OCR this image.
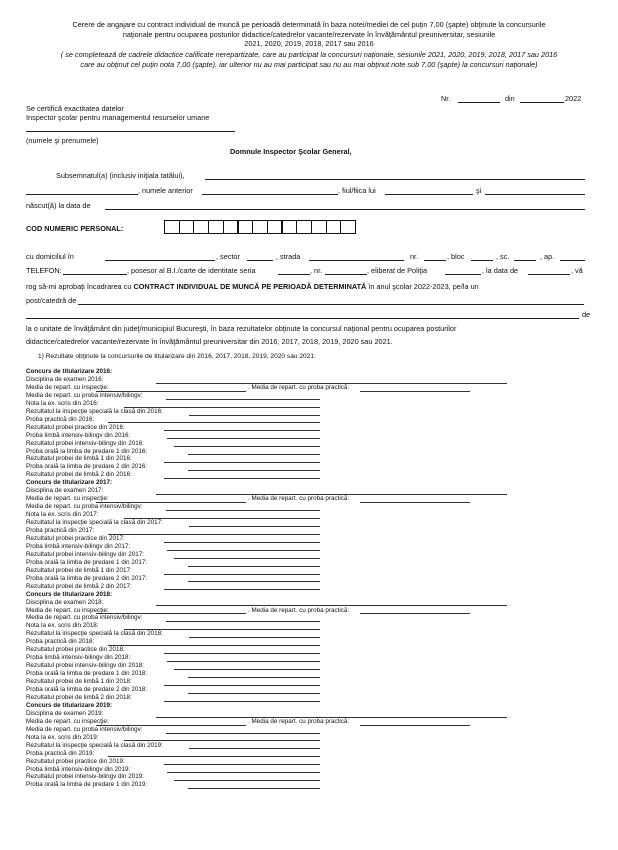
Cerere de angajare cu contract individual de muncă pe perioadă determinată în baza notei/mediei de cel puţin 7,00 (şapte) obţinute la concursurile
naţionale pentru ocuparea posturilor didactice/catedrelor vacante/rezervate în învăţământul preuniversitar, sesiunile
2021, 2020, 2019, 2018, 2017 sau 2016
( se completează de cadrele didactice calificate nerepartizate, care au participat la concursuri naţionale, sesiunile 2021, 2020, 2019, 2018, 2017 sau 2016
care au obţinut cel puţin nota 7,00 (şapte), iar ulterior nu au mai participat sau nu au mai obţinut note sub 7,00 (şapte) la concursuri naţionale)
Nr.	din	2022
Se certifică exactitatea datelor
Inspector şcolar pentru managementul resurselor umane
(numele şi prenumele)
Domnule Inspector Şcolar General,
Subsemnatul(a) (inclusiv iniţiala tatălui),
, numele anterior	, fiul/fiica lui	şi
născut(ă) la data de
COD NUMERIC PERSONAL:
cu domiciliul în	, sector	, strada	nr.	, bloc	, sc.	, ap.
TELEFON:	, posesor al B.I./carte de identitate seria	, nr.	, eliberat de Poliţia	, la data de	, vă
rog să-mi aprobaţi încadrarea cu CONTRACT INDIVIDUAL DE MUNCĂ PE PERIOADĂ DETERMINATĂ în anul şcolar 2022-2023, pe/la un
post/catedră de
de
la o unitate de învăţământ din judeţ/municipiul Bucureşti, în baza rezultatelor obţinute la concursul naţional pentru ocuparea posturilor
didactice/catedrelor vacante/rezervate în învăţământul preuniversitar din 2016, 2017, 2018, 2019, 2020 sau 2021.
1) Rezultate obţinute la concursurile de titularizare din 2016, 2017, 2018, 2019, 2020 sau 2021:
Concurs de titularizare 2016:
Disciplina de examen 2016:
Media de repart. cu inspecţie:	. Media de repart. cu proba practică:
Media de repart. cu proba intensiv/bilingv:
Nota la ex. scris din 2016:
Rezultatul la inspecţie specială la clasă din 2016:
Proba practică din 2016:
Rezultatul probei practice din 2016:
Proba limbă intensiv-bilingv din 2016:
Rezultatul probei intensiv-bilingv din 2016:
Proba orală la limba de predare 1 din 2016:
Rezultatul probei de limbă 1 din 2016:
Proba orală la limba de predare 2 din 2016:
Rezultatul probei de limbă 2 din 2016:
Concurs de titularizare 2017:
Disciplina de examen 2017:
Media de repart. cu inspecţie:	. Media de repart. cu proba practică:
Media de repart. cu proba intensiv/bilingv:
Nota la ex. scris din 2017:
Rezultatul la inspecţie specială la clasă din 2017:
Proba practică din 2017:
Rezultatul probei practice din 2017:
Proba limbă intensiv-bilingv din 2017:
Rezultatul probei intensiv-bilingv din 2017:
Proba orală la limba de predare 1 din 2017:
Rezultatul probei de limbă 1 din 2017:
Proba orală la limba de predare 2 din 2017:
Rezultatul probei de limbă 2 din 2017:
Concurs de titularizare 2018:
Disciplina de examen 2018:
Media de repart. cu inspecţie:	. Media de repart. cu proba practică:
Media de repart. cu proba intensiv/bilingv:
Nota la ex. scris din 2018:
Rezultatul la inspecţie specială la clasă din 2018:
Proba practică din 2018:
Rezultatul probei practice din 2018:
Proba limbă intensiv-bilingv din 2018:
Rezultatul probei intensiv-bilingv din 2018:
Proba orală la limba de predare 1 din 2018:
Rezultatul probei de limbă 1 din 2018:
Proba orală la limba de predare 2 din 2018:
Rezultatul probei de limbă 2 din 2018:
Concurs de titularizare 2019:
Disciplina de examen 2019:
Media de repart. cu inspecţie:	. Media de repart. cu proba practică:
Media de repart. cu proba intensiv/bilingv:
Nota la ex. scris din 2019:
Rezultatul la inspecţie specială la clasă din 2019:
Proba practică din 2019:
Rezultatul probei practice din 2019:
Proba limbă intensiv-bilingv din 2019:
Rezultatul probei intensiv-bilingv din 2019:
Proba orală la limba de predare 1 din 2019:
